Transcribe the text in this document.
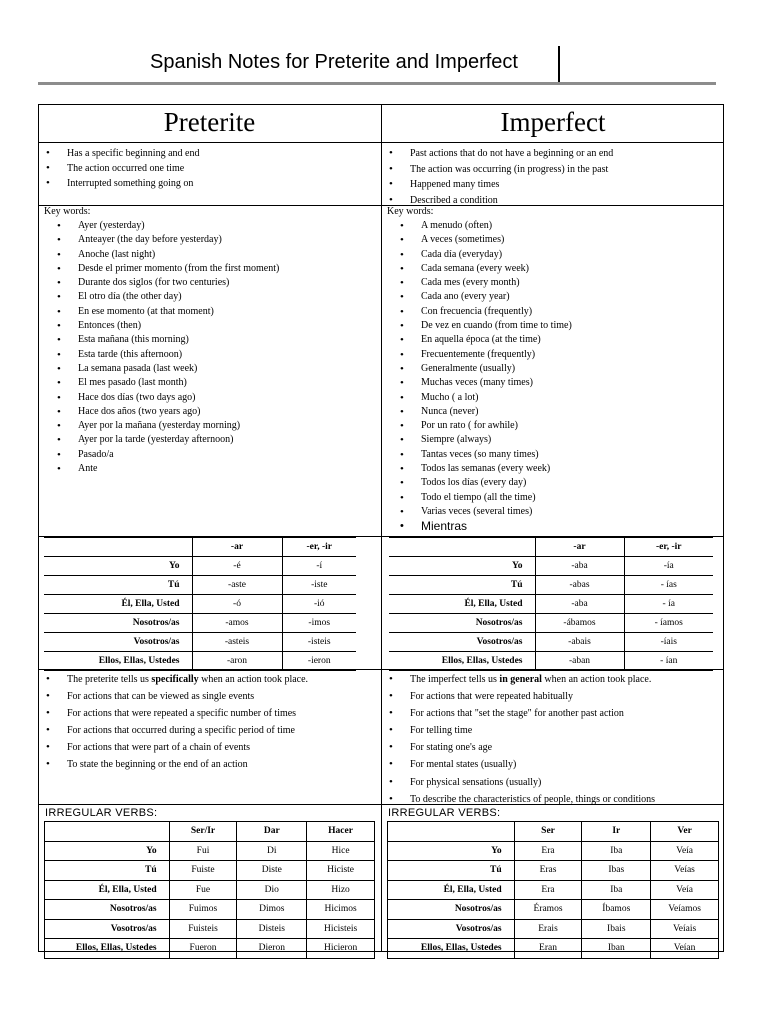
Spanish Notes for Preterite and Imperfect
Preterite	Imperfect
• Has a specific beginning and end
• The action occurred one time
• Interrupted something going on
• Past actions that do not have a beginning or an end
• The action was occurring (in progress) in the past
• Happened many times
• Described a condition
Key words:
• Ayer (yesterday)
• Anteayer (the day before yesterday)
• Anoche (last night)
• Desde el primer momento (from the first moment)
• Durante dos siglos (for two centuries)
• El otro día (the other day)
• En ese momento (at that moment)
• Entonces (then)
• Esta mañana (this morning)
• Esta tarde (this afternoon)
• La semana pasada (last week)
• El mes pasado (last month)
• Hace dos días (two days ago)
• Hace dos años (two years ago)
• Ayer por la mañana (yesterday morning)
• Ayer por la tarde (yesterday afternoon)
• Pasado/a
• Ante
Key words:
• A menudo (often)
• A veces (sometimes)
• Cada día (everyday)
• Cada semana (every week)
• Cada mes (every month)
• Cada ano (every year)
• Con frecuencia (frequently)
• De vez en cuando (from time to time)
• En aquella época (at the time)
• Frecuentemente (frequently)
• Generalmente (usually)
• Muchas veces (many times)
• Mucho ( a lot)
• Nunca (never)
• Por un rato ( for awhile)
• Siempre (always)
• Tantas veces (so many times)
• Todos las semanas (every week)
• Todos los días (every day)
• Todo el tiempo (all the time)
• Varias veces (several times)
• Mientras
	-ar	-er, -ir
Yo	-é	-í
Tú	-aste	-iste
Él, Ella, Usted	-ó	-ió
Nosotros/as	-amos	-imos
Vosotros/as	-asteis	-isteis
Ellos, Ellas, Ustedes	-aron	-ieron
	-ar	-er, -ir
Yo	-aba	-ía
Tú	-abas	- ías
Él, Ella, Usted	-aba	- ía
Nosotros/as	-ábamos	- íamos
Vosotros/as	-abais	-íais
Ellos, Ellas, Ustedes	-aban	- ían
• The preterite tells us specifically when an action took place.
• For actions that can be viewed as single events
• For actions that were repeated a specific number of times
• For actions that occurred during a specific period of time
• For actions that were part of a chain of events
• To state the beginning or the end of an action
• The imperfect tells us in general when an action took place.
• For actions that were repeated habitually
• For actions that "set the stage" for another past action
• For telling time
• For stating one's age
• For mental states (usually)
• For physical sensations (usually)
• To describe the characteristics of people, things or conditions
IRREGULAR VERBS:
	Ser/Ir	Dar	Hacer
Yo	Fui	Di	Hice
Tú	Fuiste	Diste	Hiciste
Él, Ella, Usted	Fue	Dio	Hizo
Nosotros/as	Fuimos	Dimos	Hicimos
Vosotros/as	Fuisteis	Disteis	Hicisteis
Ellos, Ellas, Ustedes	Fueron	Dieron	Hicieron
IRREGULAR VERBS:
	Ser	Ir	Ver
Yo	Era	Iba	Veía
Tú	Eras	Ibas	Veías
Él, Ella, Usted	Era	Iba	Veía
Nosotros/as	Éramos	Íbamos	Veíamos
Vosotros/as	Erais	Ibais	Veíais
Ellos, Ellas, Ustedes	Eran	Iban	Veían
